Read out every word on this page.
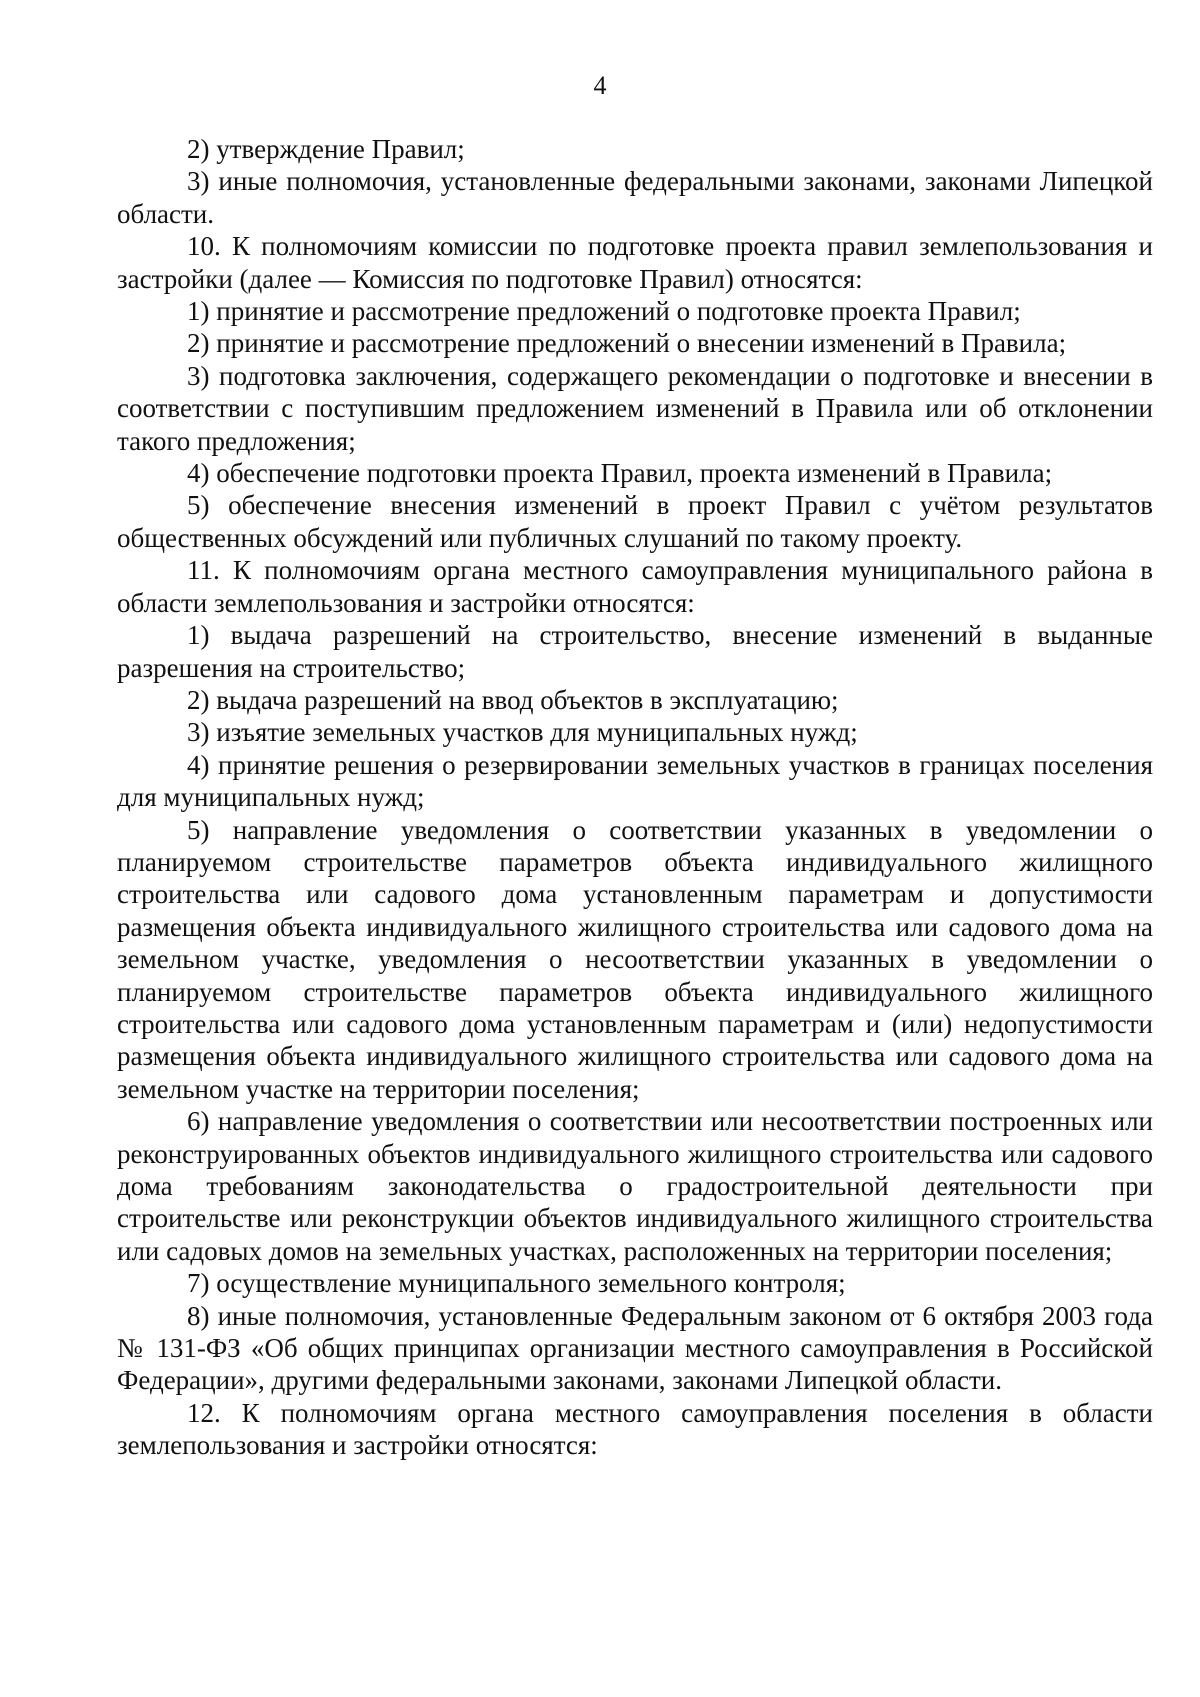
4

2) утверждение Правил;

3) иные полномочия, установленные федеральными законами, законами Липецкой области.

10. К полномочиям комиссии по подготовке проекта правил землепользования и застройки (далее — Комиссия по подготовке Правил) относятся:

1) принятие и рассмотрение предложений о подготовке проекта Правил;

2) принятие и рассмотрение предложений о внесении изменений в Правила;

3) подготовка заключения, содержащего рекомендации о подготовке и внесении в соответствии с поступившим предложением изменений в Правила или об отклонении такого предложения;

4) обеспечение подготовки проекта Правил, проекта изменений в Правила;

5) обеспечение внесения изменений в проект Правил с учётом результатов общественных обсуждений или публичных слушаний по такому проекту.

11. К полномочиям органа местного самоуправления муниципального района в области землепользования и застройки относятся:

1) выдача разрешений на строительство, внесение изменений в выданные разрешения на строительство;

2) выдача разрешений на ввод объектов в эксплуатацию;

3) изъятие земельных участков для муниципальных нужд;

4) принятие решения о резервировании земельных участков в границах поселения для муниципальных нужд;

5) направление уведомления о соответствии указанных в уведомлении о планируемом строительстве параметров объекта индивидуального жилищного строительства или садового дома установленным параметрам и допустимости размещения объекта индивидуального жилищного строительства или садового дома на земельном участке, уведомления о несоответствии указанных в уведомлении о планируемом строительстве параметров объекта индивидуального жилищного строительства или садового дома установленным параметрам и (или) недопустимости размещения объекта индивидуального жилищного строительства или садового дома на земельном участке на территории поселения;

6) направление уведомления о соответствии или несоответствии построенных или реконструированных объектов индивидуального жилищного строительства или садового дома требованиям законодательства о градостроительной деятельности при строительстве или реконструкции объектов индивидуального жилищного строительства или садовых домов на земельных участках, расположенных на территории поселения;

7) осуществление муниципального земельного контроля;

8) иные полномочия, установленные Федеральным законом от 6 октября 2003 года № 131-ФЗ «Об общих принципах организации местного самоуправления в Российской Федерации», другими федеральными законами, законами Липецкой области.

12. К полномочиям органа местного самоуправления поселения в области землепользования и застройки относятся:
